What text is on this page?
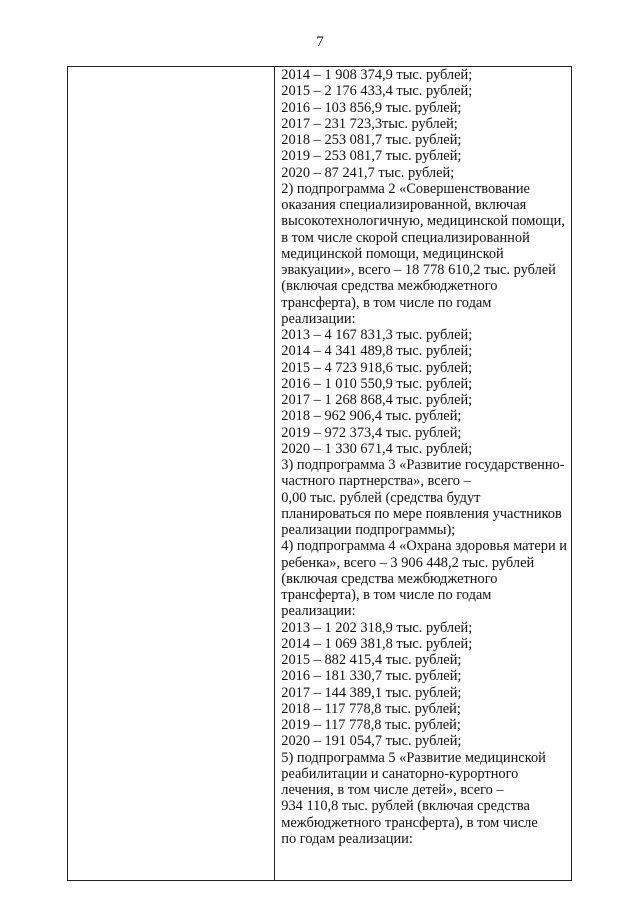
7
2014 – 1 908 374,9 тыс. рублей;
2015 – 2 176 433,4 тыс. рублей;
2016 – 103 856,9 тыс. рублей;
2017 – 231 723,3тыс. рублей;
2018 – 253 081,7 тыс. рублей;
2019 – 253 081,7 тыс. рублей;
2020 – 87 241,7 тыс. рублей;
2) подпрограмма 2 «Совершенствование
оказания специализированной, включая
высокотехнологичную, медицинской помощи,
в том числе скорой специализированной
медицинской помощи, медицинской
эвакуации», всего – 18 778 610,2 тыс. рублей
(включая средства межбюджетного
трансферта), в том числе по годам
реализации:
2013 – 4 167 831,3 тыс. рублей;
2014 – 4 341 489,8 тыс. рублей;
2015 – 4 723 918,6 тыс. рублей;
2016 – 1 010 550,9 тыс. рублей;
2017 – 1 268 868,4 тыс. рублей;
2018 – 962 906,4 тыс. рублей;
2019 – 972 373,4 тыс. рублей;
2020 – 1 330 671,4 тыс. рублей;
3) подпрограмма 3 «Развитие государственно-
частного партнерства», всего –
0,00 тыс. рублей (средства будут
планироваться по мере появления участников
реализации подпрограммы);
4) подпрограмма 4 «Охрана здоровья матери и
ребенка», всего – 3 906 448,2 тыс. рублей
(включая средства межбюджетного
трансферта), в том числе по годам
реализации:
2013 – 1 202 318,9 тыс. рублей;
2014 – 1 069 381,8 тыс. рублей;
2015 – 882 415,4 тыс. рублей;
2016 – 181 330,7 тыс. рублей;
2017 – 144 389,1 тыс. рублей;
2018 – 117 778,8 тыс. рублей;
2019 – 117 778,8 тыс. рублей;
2020 – 191 054,7 тыс. рублей;
5) подпрограмма 5 «Развитие медицинской
реабилитации и санаторно-курортного
лечения, в том числе детей», всего –
934 110,8 тыс. рублей (включая средства
межбюджетного трансферта), в том числе
по годам реализации:
